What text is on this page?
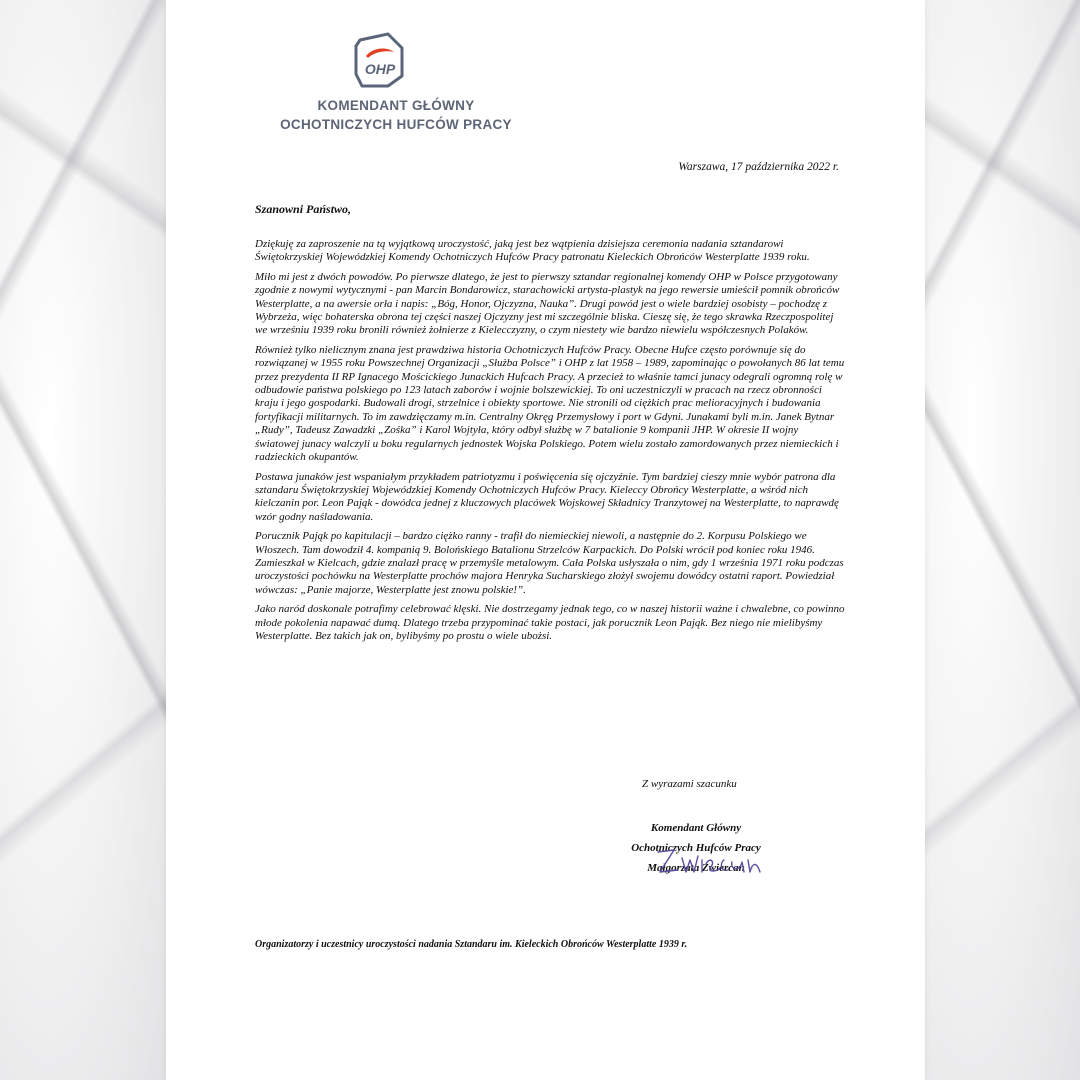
OHP
KOMENDANT GŁÓWNY
OCHOTNICZYCH HUFCÓW PRACY
Warszawa, 17 października 2022 r.
Szanowni Państwo,

Dziękuję za zaproszenie na tą wyjątkową uroczystość, jaką jest bez wątpienia dzisiejsza ceremonia nadania sztandarowi Świętokrzyskiej Wojewódzkiej Komendy Ochotniczych Hufców Pracy patronatu Kieleckich Obrońców Westerplatte 1939 roku.

Miło mi jest z dwóch powodów. Po pierwsze dlatego, że jest to pierwszy sztandar regionalnej komendy OHP w Polsce przygotowany zgodnie z nowymi wytycznymi - pan Marcin Bondarowicz, starachowicki artysta-plastyk na jego rewersie umieścił pomnik obrońców Westerplatte, a na awersie orła i napis: „Bóg, Honor, Ojczyzna, Nauka”. Drugi powód jest o wiele bardziej osobisty – pochodzę z Wybrzeża, więc bohaterska obrona tej części naszej Ojczyzny jest mi szczególnie bliska. Cieszę się, że tego skrawka Rzeczpospolitej we wrześniu 1939 roku bronili również żołnierze z Kielecczyzny, o czym niestety wie bardzo niewielu współczesnych Polaków.

Również tylko nielicznym znana jest prawdziwa historia Ochotniczych Hufców Pracy. Obecne Hufce często porównuje się do rozwiązanej w 1955 roku Powszechnej Organizacji „Służba Polsce” i OHP z lat 1958 – 1989, zapominając o powołanych 86 lat temu przez prezydenta II RP Ignacego Mościckiego Junackich Hufcach Pracy. A przecież to właśnie tamci junacy odegrali ogromną rolę w odbudowie państwa polskiego po 123 latach zaborów i wojnie bolszewickiej. To oni uczestniczyli w pracach na rzecz obronności kraju i jego gospodarki. Budowali drogi, strzelnice i obiekty sportowe. Nie stronili od ciężkich prac melioracyjnych i budowania fortyfikacji militarnych. To im zawdzięczamy m.in. Centralny Okręg Przemysłowy i port w Gdyni. Junakami byli m.in. Janek Bytnar „Rudy”, Tadeusz Zawadzki „Zośka” i Karol Wojtyła, który odbył służbę w 7 batalionie 9 kompanii JHP. W okresie II wojny światowej junacy walczyli u boku regularnych jednostek Wojska Polskiego. Potem wielu zostało zamordowanych przez niemieckich i radzieckich okupantów.

Postawa junaków jest wspaniałym przykładem patriotyzmu i poświęcenia się ojczyźnie. Tym bardziej cieszy mnie wybór patrona dla sztandaru Świętokrzyskiej Wojewódzkiej Komendy Ochotniczych Hufców Pracy. Kieleccy Obrońcy Westerplatte, a wśród nich kielczanin por. Leon Pająk - dowódca jednej z kluczowych placówek Wojskowej Składnicy Tranzytowej na Westerplatte, to naprawdę wzór godny naśladowania.

Porucznik Pająk po kapitulacji – bardzo ciężko ranny - trafił do niemieckiej niewoli, a następnie do 2. Korpusu Polskiego we Włoszech. Tam dowodził 4. kompanią 9. Bolońskiego Batalionu Strzelców Karpackich. Do Polski wrócił pod koniec roku 1946. Zamieszkał w Kielcach, gdzie znalazł pracę w przemyśle metalowym. Cała Polska usłyszała o nim, gdy 1 września 1971 roku podczas uroczystości pochówku na Westerplatte prochów majora Henryka Sucharskiego złożył swojemu dowódcy ostatni raport. Powiedział wówczas: „Panie majorze, Westerplatte jest znowu polskie!”.

Jako naród doskonale potrafimy celebrować klęski. Nie dostrzegamy jednak tego, co w naszej historii ważne i chwalebne, co powinno młode pokolenia napawać dumą. Dlatego trzeba przypominać takie postaci, jak porucznik Leon Pająk. Bez niego nie mielibyśmy Westerplatte. Bez takich jak on, bylibyśmy po prostu o wiele ubożsi.

Z wyrazami szacunku
Komendant Główny
Ochotniczych Hufców Pracy
Małgorzata Zwiercan
Organizatorzy i uczestnicy uroczystości nadania Sztandaru im. Kieleckich Obrońców Westerplatte 1939 r.
